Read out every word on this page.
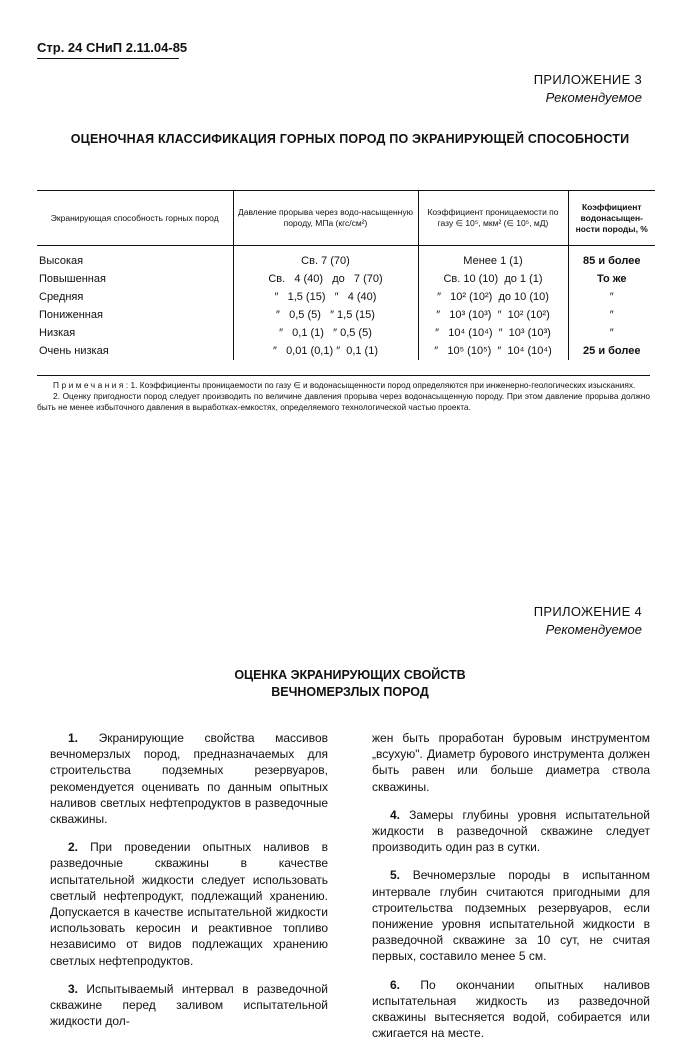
Стр. 24 СНиП 2.11.04-85
ПРИЛОЖЕНИЕ 3
Рекомендуемое
ОЦЕНОЧНАЯ КЛАССИФИКАЦИЯ ГОРНЫХ ПОРОД ПО ЭКРАНИРУЮЩЕЙ СПОСОБНОСТИ
Экранирующая способность горных пород	Давление прорыва через водо-насыщенную породу, МПа (кгс/см²)	Коэффициент проницаемости по газу ∈ 10⁵, мкм² (∈ 10⁵, мД)	Коэффициент водонасыщен-ности породы, %
Высокая	Св. 7 (70)	Менее 1 (1)	85 и более
Повышенная	Св.   4 (40)   до   7 (70)	Св. 10 (10)  до 1 (1)	То же
Средняя	″   1,5 (15)   ″   4 (40)	″   10² (10²)  до 10 (10)	″
Пониженная	″   0,5 (5)   ″ 1,5 (15)	″   10³ (10³)  ″  10² (10²)	″
Низкая	″   0,1 (1)   ″ 0,5 (5)	″   10⁴ (10⁴)  ″  10³ (10³)	″
Очень низкая	″   0,01 (0,1) ″  0,1 (1)	″   10⁵ (10⁵)  ″  10⁴ (10⁴)	25 и более

Примечания: 1. Коэффициенты проницаемости по газу ∈ и водонасыщенности пород определяются при инженерно-геологических изысканиях.

2. Оценку пригодности пород следует производить по величине давления прорыва через водонасыщенную породу. При этом давление прорыва должно быть не менее избыточного давления в выработках-емкостях, определяемого технологической частью проекта.

ПРИЛОЖЕНИЕ 4
Рекомендуемое
ОЦЕНКА ЭКРАНИРУЮЩИХ СВОЙСТВ
ВЕЧНОМЕРЗЛЫХ ПОРОД

1. Экранирующие свойства массивов вечномерзлых пород, предназначаемых для строительства подземных резервуаров, рекомендуется оценивать по данным опытных наливов светлых нефтепродуктов в разведочные скважины.

2. При проведении опытных наливов в разведочные скважины в качестве испытательной жидкости следует использовать светлый нефтепродукт, подлежащий хранению. Допускается в качестве испытательной жидкости использовать керосин и реактивное топливо независимо от видов подлежащих хранению светлых нефтепродуктов.

3. Испытываемый интервал в разведочной скважине перед заливом испытательной жидкости дол-

жен быть проработан буровым инструментом „всухую". Диаметр бурового инструмента должен быть равен или больше диаметра ствола скважины.

4. Замеры глубины уровня испытательной жидкости в разведочной скважине следует производить один раз в сутки.

5. Вечномерзлые породы в испытанном интервале глубин считаются пригодными для строительства подземных резервуаров, если понижение уровня испытательной жидкости в разведочной скважине за 10 сут, не считая первых, составило менее 5 см.

6. По окончании опытных наливов испытательная жидкость из разведочной скважины вытесняется водой, собирается или сжигается на месте.
